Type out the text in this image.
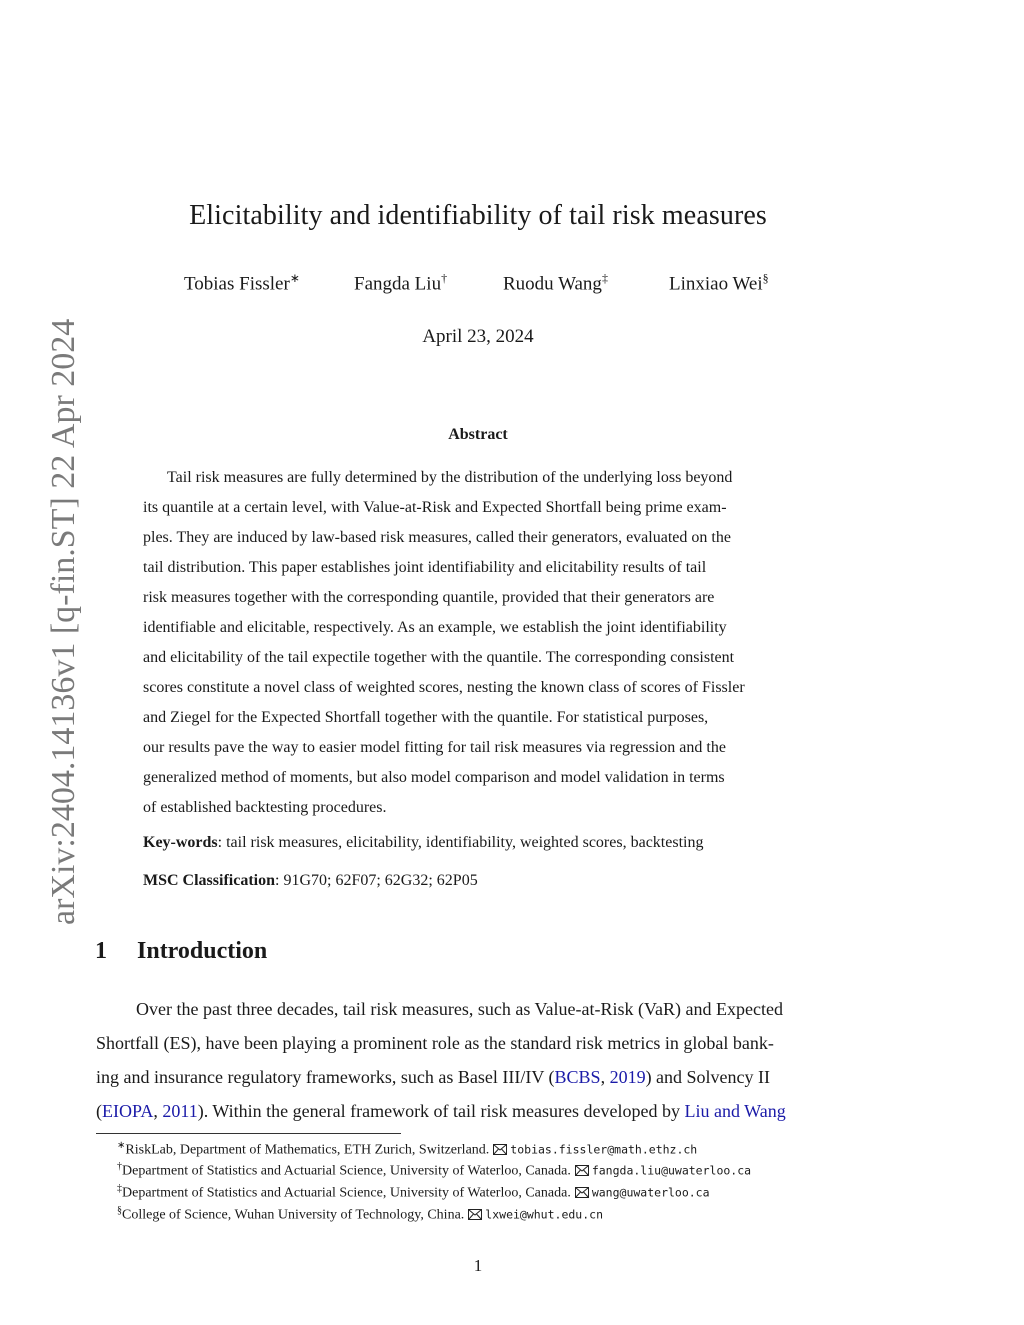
arXiv:2404.14136v1 [q-fin.ST] 22 Apr 2024
Elicitability and identifiability of tail risk measures
Tobias Fissler∗	Fangda Liu†	Ruodu Wang‡	Linxiao Wei§
April 23, 2024
Abstract
Tail risk measures are fully determined by the distribution of the underlying loss beyond
its quantile at a certain level, with Value-at-Risk and Expected Shortfall being prime exam-
ples. They are induced by law-based risk measures, called their generators, evaluated on the
tail distribution. This paper establishes joint identifiability and elicitability results of tail
risk measures together with the corresponding quantile, provided that their generators are
identifiable and elicitable, respectively. As an example, we establish the joint identifiability
and elicitability of the tail expectile together with the quantile. The corresponding consistent
scores constitute a novel class of weighted scores, nesting the known class of scores of Fissler
and Ziegel for the Expected Shortfall together with the quantile. For statistical purposes,
our results pave the way to easier model fitting for tail risk measures via regression and the
generalized method of moments, but also model comparison and model validation in terms
of established backtesting procedures.
Key-words: tail risk measures, elicitability, identifiability, weighted scores, backtesting
MSC Classification: 91G70; 62F07; 62G32; 62P05
1 Introduction
Over the past three decades, tail risk measures, such as Value-at-Risk (VaR) and Expected
Shortfall (ES), have been playing a prominent role as the standard risk metrics in global bank-
ing and insurance regulatory frameworks, such as Basel III/IV (BCBS, 2019) and Solvency II
(EIOPA, 2011). Within the general framework of tail risk measures developed by Liu and Wang
∗RiskLab, Department of Mathematics, ETH Zurich, Switzerland. tobias.fissler@math.ethz.ch
†Department of Statistics and Actuarial Science, University of Waterloo, Canada. fangda.liu@uwaterloo.ca
‡Department of Statistics and Actuarial Science, University of Waterloo, Canada. wang@uwaterloo.ca
§College of Science, Wuhan University of Technology, China. lxwei@whut.edu.cn
1
